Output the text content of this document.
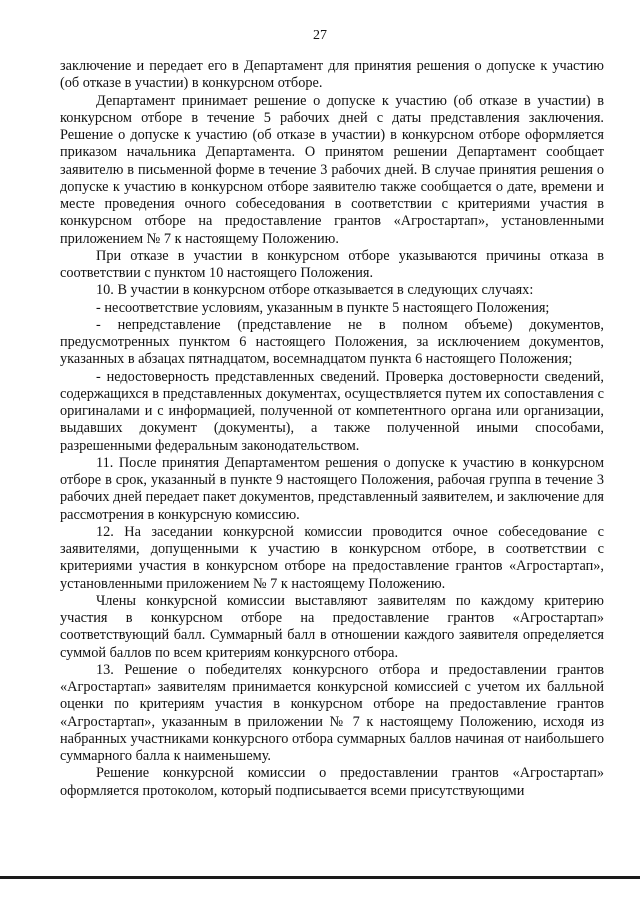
27

заключение и передает его в Департамент для принятия решения о допуске к участию (об отказе в участии) в конкурсном отборе.

Департамент принимает решение о допуске к участию (об отказе в участии) в конкурсном отборе в течение 5 рабочих дней с даты представления заключения. Решение о допуске к участию (об отказе в участии) в конкурсном отборе оформляется приказом начальника Департамента. О принятом решении Департамент сообщает заявителю в письменной форме в течение 3 рабочих дней. В случае принятия решения о допуске к участию в конкурсном отборе заявителю также сообщается о дате, времени и месте проведения очного собеседования в соответствии с критериями участия в конкурсном отборе на предоставление грантов «Агростартап», установленными приложением № 7 к настоящему Положению.

При отказе в участии в конкурсном отборе указываются причины отказа в соответствии с пунктом 10 настоящего Положения.

10. В участии в конкурсном отборе отказывается в следующих случаях:

- несоответствие условиям, указанным в пункте 5 настоящего Положения;

- непредставление (представление не в полном объеме) документов, предусмотренных пунктом 6 настоящего Положения, за исключением документов, указанных в абзацах пятнадцатом, восемнадцатом пункта 6 настоящего Положения;

- недостоверность представленных сведений. Проверка достоверности сведений, содержащихся в представленных документах, осуществляется путем их сопоставления с оригиналами и с информацией, полученной от компетентного органа или организации, выдавших документ (документы), а также полученной иными способами, разрешенными федеральным законодательством.

11. После принятия Департаментом решения о допуске к участию в конкурсном отборе в срок, указанный в пункте 9 настоящего Положения, рабочая группа в течение 3 рабочих дней передает пакет документов, представленный заявителем, и заключение для рассмотрения в конкурсную комиссию.

12. На заседании конкурсной комиссии проводится очное собеседование с заявителями, допущенными к участию в конкурсном отборе, в соответствии с критериями участия в конкурсном отборе на предоставление грантов «Агростартап», установленными приложением № 7 к настоящему Положению.

Члены конкурсной комиссии выставляют заявителям по каждому критерию участия в конкурсном отборе на предоставление грантов «Агростартап» соответствующий балл. Суммарный балл в отношении каждого заявителя определяется суммой баллов по всем критериям конкурсного отбора.

13. Решение о победителях конкурсного отбора и предоставлении грантов «Агростартап» заявителям принимается конкурсной комиссией с учетом их балльной оценки по критериям участия в конкурсном отборе на предоставление грантов «Агростартап», указанным в приложении № 7 к настоящему Положению, исходя из набранных участниками конкурсного отбора суммарных баллов начиная от наибольшего суммарного балла к наименьшему.

Решение конкурсной комиссии о предоставлении грантов «Агростартап» оформляется протоколом, который подписывается всеми присутствующими
